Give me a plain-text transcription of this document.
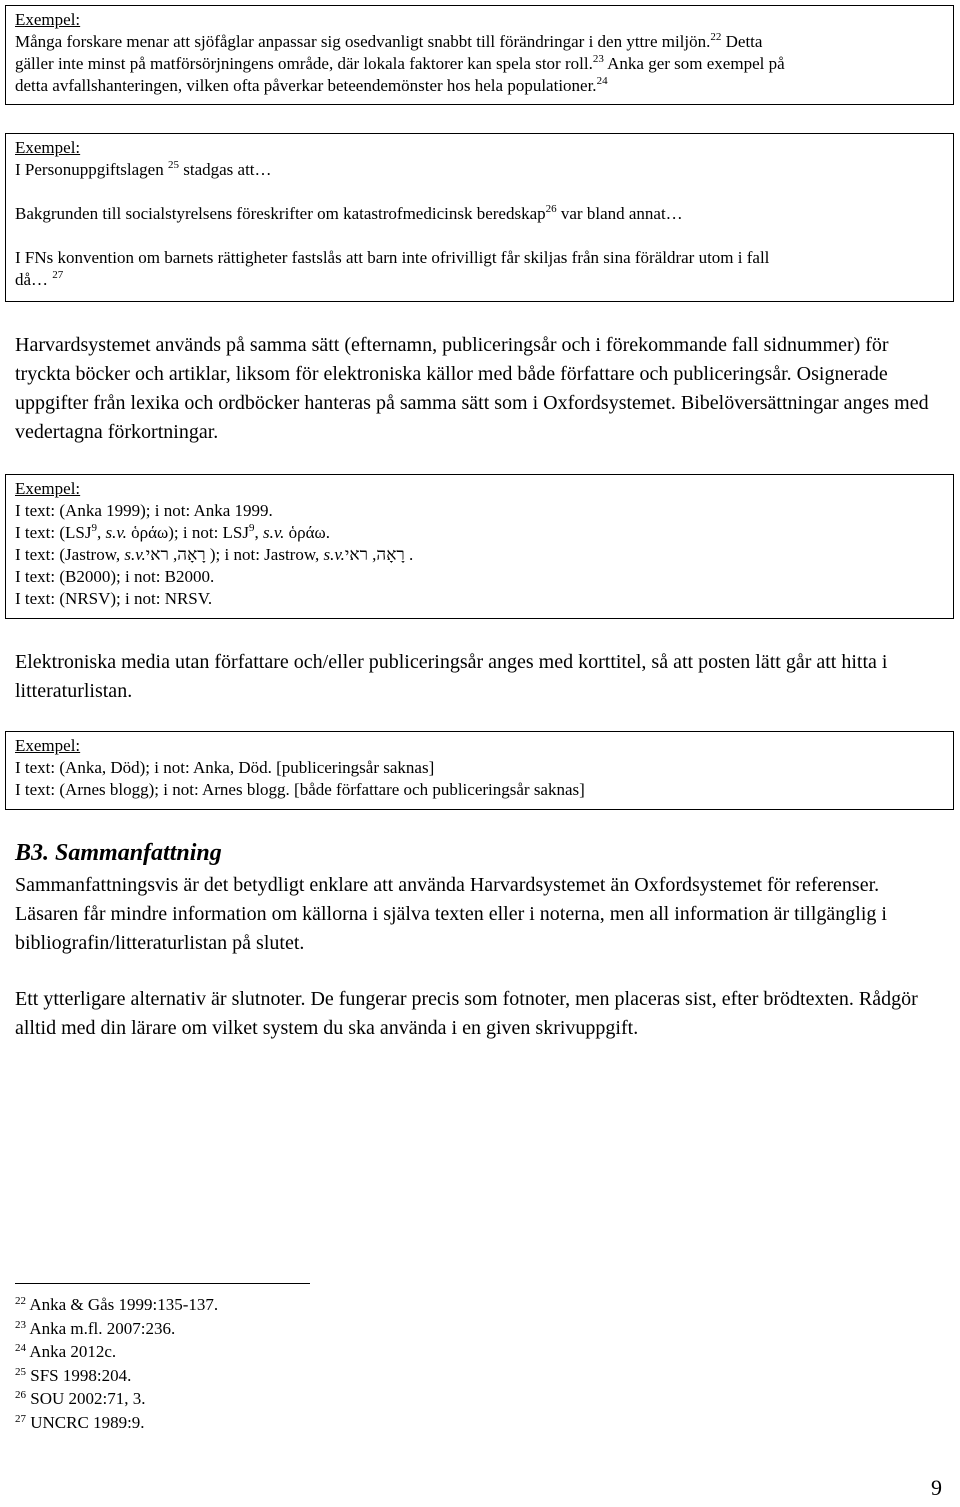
Exempel:
Många forskare menar att sjöfåglar anpassar sig osedvanligt snabbt till förändringar i den yttre miljön.$^{22}$ Detta
gäller inte minst på matförsörjningens område, där lokala faktorer kan spela stor roll.$^{23}$ Anka ger som exempel på
detta avfallshanteringen, vilken ofta påverkar beteendemönster hos hela populationer.$^{24}$
Exempel:
I Personuppgiftslagen $^{25}$ stadgas att…
Bakgrunden till socialstyrelsens föreskrifter om katastrofmedicinsk beredskap$^{26}$ var bland annat…
I FNs konvention om barnets rättigheter fastslås att barn inte ofrivilligt får skiljas från sina föräldrar utom i fall
då… $^{27}$

Harvardsystemet används på samma sätt (efternamn, publiceringsår och i förekommande fall sidnummer) för tryckta böcker och artiklar, liksom för elektroniska källor med både författare och publiceringsår. Osignerade uppgifter från lexika och ordböcker hanteras på samma sätt som i Oxfordsystemet. Bibelöversättningar anges med vedertagna förkortningar.

Exempel:
I text: (Anka 1999); i not: Anka 1999.
I text: (LSJ$^9$, s.v. ὁράω); i not: LSJ$^9$, s.v. ὁράω.
I text: (Jastrow, s.v. רָאָה, ראי); i not: Jastrow, s.v. רָאָה, ראי.
I text: (B2000); i not: B2000.
I text: (NRSV); i not: NRSV.

Elektroniska media utan författare och/eller publiceringsår anges med korttitel, så att posten lätt går att hitta i litteraturlistan.

Exempel:
I text: (Anka, Död); i not: Anka, Död. [publiceringsår saknas]
I text: (Arnes blogg); i not: Arnes blogg. [både författare och publiceringsår saknas]
B3. Sammanfattning

Sammanfattningsvis är det betydligt enklare att använda Harvardsystemet än Oxfordsystemet för referenser. Läsaren får mindre information om källorna i själva texten eller i noterna, men all information är tillgänglig i bibliografin/litteraturlistan på slutet.

Ett ytterligare alternativ är slutnoter. De fungerar precis som fotnoter, men placeras sist, efter brödtexten. Rådgör alltid med din lärare om vilket system du ska använda i en given skrivuppgift.

$^{22}$ Anka & Gås 1999:135-137.
$^{23}$ Anka m.fl. 2007:236.
$^{24}$ Anka 2012c.
$^{25}$ SFS 1998:204.
$^{26}$ SOU 2002:71, 3.
$^{27}$ UNCRC 1989:9.
9
